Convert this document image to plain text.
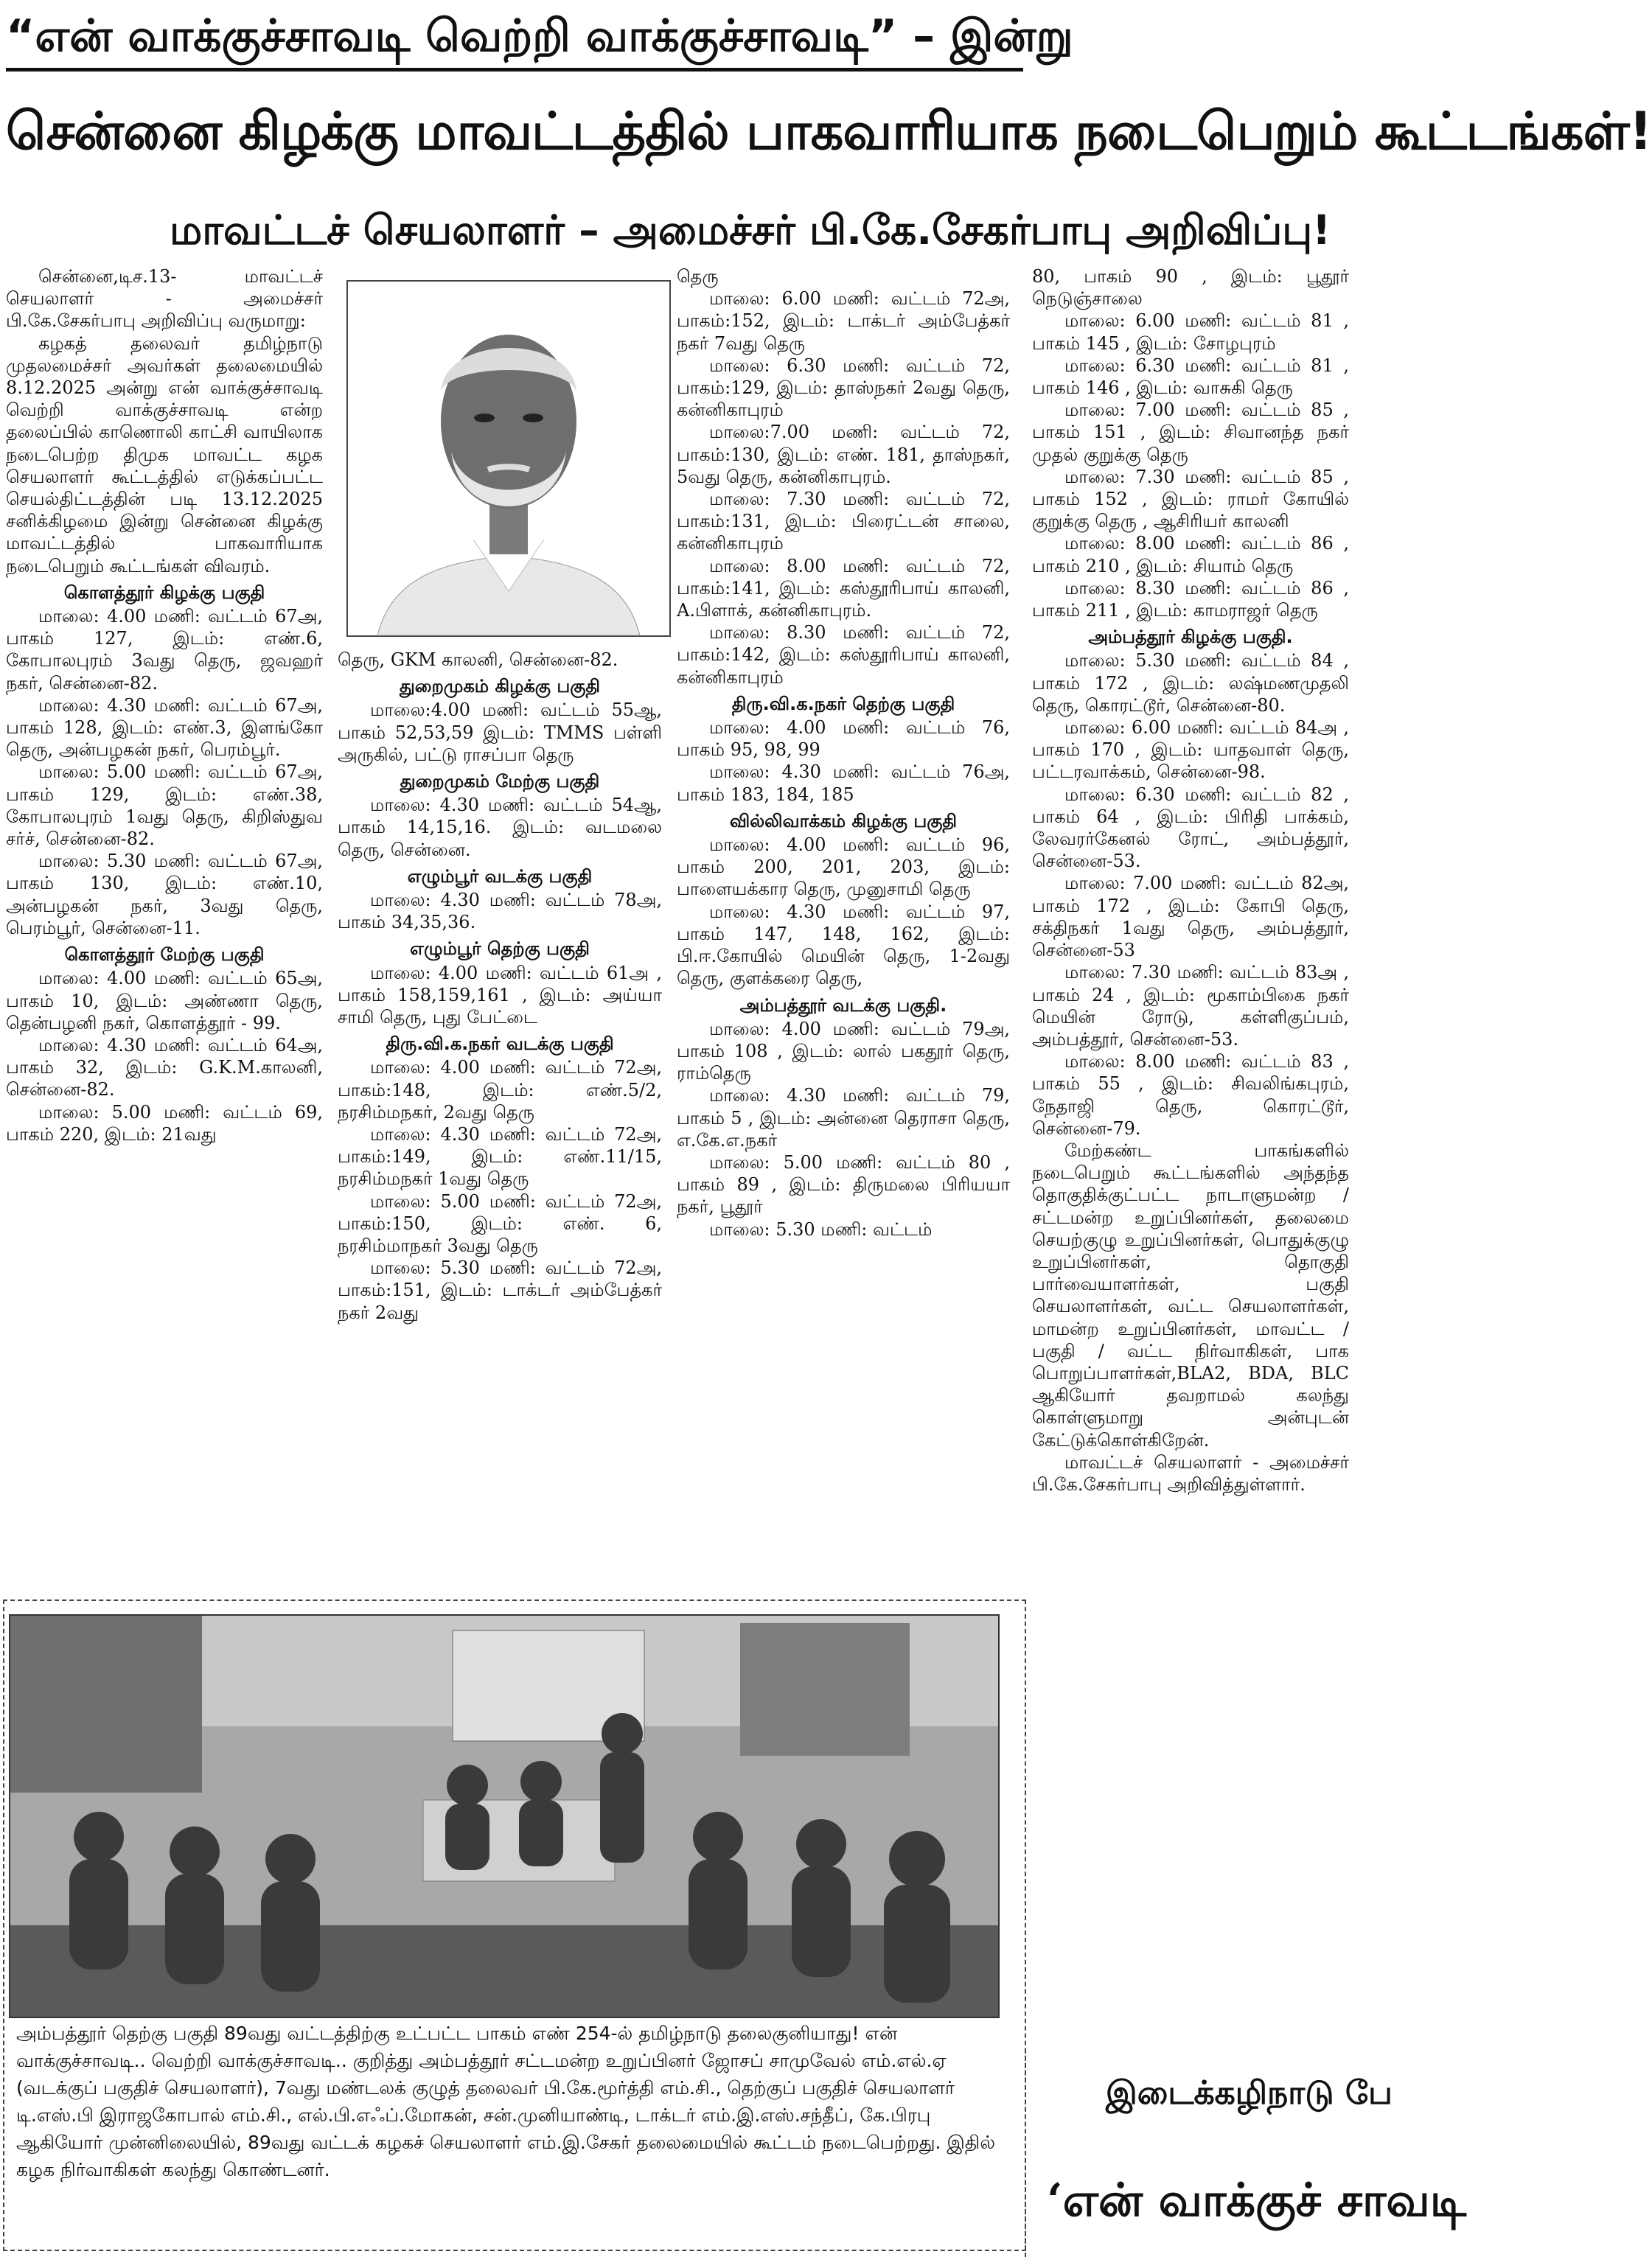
“என் வாக்குச்சாவடி வெற்றி வாக்குச்சாவடி” – இன்று
சென்னை கிழக்கு மாவட்டத்தில் பாகவாரியாக நடைபெறும் கூட்டங்கள்!
மாவட்டச் செயலாளர் – அமைச்சர் பி.கே.சேகர்பாபு அறிவிப்பு!

சென்னை,டிச.13- மாவட்டச் செயலாளர் - அமைச்சர் பி.கே.சேகர்பாபு அறிவிப்பு வருமாறு:

கழகத் தலைவர் தமிழ்நாடு முதலமைச்சர் அவர்கள் தலைமையில் 8.12.2025 அன்று என் வாக்குச்சாவடி வெற்றி வாக்குச்சாவடி என்ற தலைப்பில் காணொலி காட்சி வாயிலாக நடைபெற்ற திமுக மாவட்ட கழக செயலாளர் கூட்டத்தில் எடுக்கப்பட்ட செயல்திட்டத்தின் படி 13.12.2025 சனிக்கிழமை இன்று சென்னை கிழக்கு மாவட்டத்தில் பாகவாரியாக நடைபெறும் கூட்டங்கள் விவரம்.

கொளத்தூர் கிழக்கு பகுதி

மாலை: 4.00 மணி: வட்டம் 67அ, பாகம் 127, இடம்: எண்.6, கோபாலபுரம் 3வது தெரு, ஜவஹர் நகர், சென்னை-82.

மாலை: 4.30 மணி: வட்டம் 67அ, பாகம் 128, இடம்: எண்.3, இளங்கோ தெரு, அன்பழகன் நகர், பெரம்பூர்.

மாலை: 5.00 மணி: வட்டம் 67அ, பாகம் 129, இடம்: எண்.38, கோபாலபுரம் 1வது தெரு, கிறிஸ்துவ சர்ச், சென்னை-82.

மாலை: 5.30 மணி: வட்டம் 67அ, பாகம் 130, இடம்: எண்.10, அன்பழகன் நகர், 3வது தெரு, பெரம்பூர், சென்னை-11.

கொளத்தூர் மேற்கு பகுதி

மாலை: 4.00 மணி: வட்டம் 65அ, பாகம் 10, இடம்: அண்ணா தெரு, தென்பழனி நகர், கொளத்தூர் - 99.

மாலை: 4.30 மணி: வட்டம் 64அ, பாகம் 32, இடம்: G.K.M.காலனி, சென்னை-82.

மாலை: 5.00 மணி: வட்டம் 69, பாகம் 220, இடம்: 21வது

தெரு, GKM காலனி, சென்னை-82.

துறைமுகம் கிழக்கு பகுதி

மாலை:4.00 மணி: வட்டம் 55ஆ, பாகம் 52,53,59 இடம்: TMMS பள்ளி அருகில், பட்டு ராசப்பா தெரு

துறைமுகம் மேற்கு பகுதி

மாலை: 4.30 மணி: வட்டம் 54ஆ, பாகம் 14,15,16. இடம்: வடமலை தெரு, சென்னை.

எழும்பூர் வடக்கு பகுதி

மாலை: 4.30 மணி: வட்டம் 78அ, பாகம் 34,35,36.

எழும்பூர் தெற்கு பகுதி

மாலை: 4.00 மணி: வட்டம் 61அ , பாகம் 158,159,161 , இடம்: அய்யா சாமி தெரு, புது பேட்டை

திரு.வி.க.நகர் வடக்கு பகுதி

மாலை: 4.00 மணி: வட்டம் 72அ, பாகம்:148, இடம்: எண்.5/2, நரசிம்மநகர், 2வது தெரு

மாலை: 4.30 மணி: வட்டம் 72அ, பாகம்:149, இடம்: எண்.11/15, நரசிம்மநகர் 1வது தெரு

மாலை: 5.00 மணி: வட்டம் 72அ, பாகம்:150, இடம்: எண். 6, நரசிம்மாநகர் 3வது தெரு

மாலை: 5.30 மணி: வட்டம் 72அ, பாகம்:151, இடம்: டாக்டர் அம்பேத்கர் நகர் 2வது

தெரு

மாலை: 6.00 மணி: வட்டம் 72அ, பாகம்:152, இடம்: டாக்டர் அம்பேத்கர் நகர் 7வது தெரு

மாலை: 6.30 மணி: வட்டம் 72, பாகம்:129, இடம்: தாஸ்நகர் 2வது தெரு, கன்னிகாபுரம்

மாலை:7.00 மணி: வட்டம் 72, பாகம்:130, இடம்: எண். 181, தாஸ்நகர், 5வது தெரு, கன்னிகாபுரம்.

மாலை: 7.30 மணி: வட்டம் 72, பாகம்:131, இடம்: பிரைட்டன் சாலை, கன்னிகாபுரம்

மாலை: 8.00 மணி: வட்டம் 72, பாகம்:141, இடம்: கஸ்தூரிபாய் காலனி, A.பிளாக், கன்னிகாபுரம்.

மாலை: 8.30 மணி: வட்டம் 72, பாகம்:142, இடம்: கஸ்தூரிபாய் காலனி, கன்னிகாபுரம்

திரு.வி.க.நகர் தெற்கு பகுதி

மாலை: 4.00 மணி: வட்டம் 76, பாகம் 95, 98, 99

மாலை: 4.30 மணி: வட்டம் 76அ, பாகம் 183, 184, 185

வில்லிவாக்கம் கிழக்கு பகுதி

மாலை: 4.00 மணி: வட்டம் 96, பாகம் 200, 201, 203, இடம்: பாளையக்கார தெரு, முனுசாமி தெரு

மாலை: 4.30 மணி: வட்டம் 97, பாகம் 147, 148, 162, இடம்: பி.ஈ.கோயில் மெயின் தெரு, 1-2வது தெரு, குளக்கரை தெரு,

அம்பத்தூர் வடக்கு பகுதி.

மாலை: 4.00 மணி: வட்டம் 79அ, பாகம் 108 , இடம்: லால் பகதூர் தெரு, ராம்தெரு

மாலை: 4.30 மணி: வட்டம் 79, பாகம் 5 , இடம்: அன்னை தெராசா தெரு, எ.கே.எ.நகர்

மாலை: 5.00 மணி: வட்டம் 80 , பாகம் 89 , இடம்: திருமலை பிரியயா நகர், பூதூர்

மாலை: 5.30 மணி: வட்டம்

80, பாகம் 90 , இடம்: பூதூர் நெடுஞ்சாலை

மாலை: 6.00 மணி: வட்டம் 81 , பாகம் 145 , இடம்: சோழபுரம்

மாலை: 6.30 மணி: வட்டம் 81 , பாகம் 146 , இடம்: வாசுகி தெரு

மாலை: 7.00 மணி: வட்டம் 85 , பாகம் 151 , இடம்: சிவானந்த நகர் முதல் குறுக்கு தெரு

மாலை: 7.30 மணி: வட்டம் 85 , பாகம் 152 , இடம்: ராமர் கோயில் குறுக்கு தெரு , ஆசிரியர் காலனி

மாலை: 8.00 மணி: வட்டம் 86 , பாகம் 210 , இடம்: சியாம் தெரு

மாலை: 8.30 மணி: வட்டம் 86 , பாகம் 211 , இடம்: காமராஜர் தெரு

அம்பத்தூர் கிழக்கு பகுதி.

மாலை: 5.30 மணி: வட்டம் 84 , பாகம் 172 , இடம்: லஷ்மணமுதலி தெரு, கொரட்டூர், சென்னை-80.

மாலை: 6.00 மணி: வட்டம் 84அ , பாகம் 170 , இடம்: யாதவாள் தெரு, பட்டரவாக்கம், சென்னை-98.

மாலை: 6.30 மணி: வட்டம் 82 , பாகம் 64 , இடம்: பிரிதி பாக்கம், லேவரர்கேனல் ரோட், அம்பத்தூர், சென்னை-53.

மாலை: 7.00 மணி: வட்டம் 82அ, பாகம் 172 , இடம்: கோபி தெரு, சக்திநகர் 1வது தெரு, அம்பத்தூர், சென்னை-53

மாலை: 7.30 மணி: வட்டம் 83அ , பாகம் 24 , இடம்: மூகாம்பிகை நகர் மெயின் ரோடு, கள்ளிகுப்பம், அம்பத்தூர், சென்னை-53.

மாலை: 8.00 மணி: வட்டம் 83 , பாகம் 55 , இடம்: சிவலிங்கபுரம், நேதாஜி தெரு, கொரட்டூர், சென்னை-79.

மேற்கண்ட பாகங்களில் நடைபெறும் கூட்டங்களில் அந்தந்த தொகுதிக்குட்பட்ட நாடாளுமன்ற / சட்டமன்ற உறுப்பினர்கள், தலைமை செயற்குழு உறுப்பினர்கள், பொதுக்குழு உறுப்பினர்கள், தொகுதி பார்வையாளர்கள், பகுதி செயலாளர்கள், வட்ட செயலாளர்கள், மாமன்ற உறுப்பினர்கள், மாவட்ட / பகுதி / வட்ட நிர்வாகிகள், பாக பொறுப்பாளர்கள்,BLA2, BDA, BLC ஆகியோர் தவறாமல் கலந்து கொள்ளுமாறு அன்புடன் கேட்டுக்கொள்கிறேன்.

மாவட்டச் செயலாளர் - அமைச்சர் பி.கே.சேகர்பாபு அறிவித்துள்ளார்.

அம்பத்தூர் தெற்கு பகுதி 89வது வட்டத்திற்கு உட்பட்ட பாகம் எண் 254-ல் தமிழ்நாடு தலைகுனியாது! என் வாக்குச்சாவடி.. வெற்றி வாக்குச்சாவடி.. குறித்து அம்பத்தூர் சட்டமன்ற உறுப்பினர் ஜோசப் சாமுவேல் எம்.எல்.ஏ (வடக்குப் பகுதிச் செயலாளர்), 7வது மண்டலக் குழுத் தலைவர் பி.கே.மூர்த்தி எம்.சி., தெற்குப் பகுதிச் செயலாளர் டி.எஸ்.பி இராஜகோபால் எம்.சி., எல்.பி.எஃப்.மோகன், சன்.முனியாண்டி, டாக்டர் எம்.இ.எஸ்.சந்தீப், கே.பிரபு ஆகியோர் முன்னிலையில், 89வது வட்டக் கழகச் செயலாளர் எம்.இ.சேகர் தலைமையில் கூட்டம் நடைபெற்றது. இதில் கழக நிர்வாகிகள் கலந்து கொண்டனர்.
இடைக்கழிநாடு பே
‘என் வாக்குச் சாவடி
